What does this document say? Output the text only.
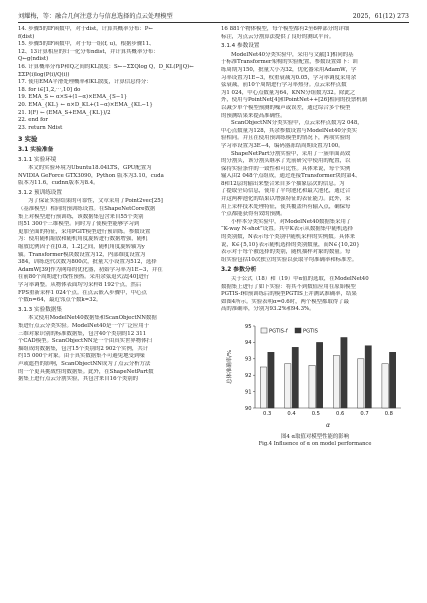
刘耀梅，等：融合几何注意力与信息选择的点云处理模型	2025，61(12) 273
14. 步骤5的IF函数中，对于dist，计算其概率分布：P←
f(dist)
15. 步骤5的IF函数中，对于每一组(f, u)，根据步骤11、
12、13计算相应的归一化分布ndist，并计算其概率分布：
Q←g(ndist)
16. 计算概率分布P和Q之间的KL散度：S←−ΣΣQlog Q，D_KL(P||Q)←
ΣΣP(i)log(P(i)/Q(i))
17. 使用EMA平滑处理概率和KL散度，计算信息得分：
18. for i∈[1,2,⋯,10] do
19. EMA_S ← α×S+(1−α)×EMA_{S−1}
20. EMA_{KL} ← α×D_KL+(1−α)×EMA_{KL−1}
21. I(F) ← (EMA_S+EMA_{KL})/2
22. end for
23. return Ndist
3 实验
3.1 实验准备
3.1.1 实验环境
本文的实验环境为Ubuntu18.04LTS，GPU配置为
NVIDIA GeForce GTX3090，Python 版本为3.10，cuda
版本为11.6，cudnn版本为8.4。
3.1.2 预训练设置
为了保证实验结果的可靠性，文章采用了Point2vec[25]
（基准模型）相同的预训练设置。在ShapeNetCore数据
集上对模型进行预训练，该数据集包含来自55个类别
的51 300个三维模型。同时为了使模型能够学习到
更加全面的特征，采用PGIT模型进行预训练。参数设置
为：使用随机缩放和随机角度旋转进行数据增强，随机
缩放比例因子在[0.8，1.2]之间，随机角度旋转轴为y
轴。Transformer模块数设置为12，内部维度设置为
384，训练迭代次数为800次，批量大小设置为512，选择
AdamW[39]作为网络的优化器，初始学习率为1E−3，并在
在前80个周期进行线性预热。采用余弦退火法[40]进行
学习率调整。从物体表面均匀采样8 192个点，然后
FPS重新采样1 024个点。在点云嵌入步骤中，中心点
个数n=64，最近邻点个数k=32。
3.1.3 实验数据集
本文使用ModelNet40数据集和ScanObjectNN数据
集进行点云分类实验。ModelNet40是一个广泛应用于
三维对象识别的标准数据集，包含40个类别的12 311
个CAD模型。ScanObjectNN是一个由真实世界物体扫
描组成的数据集，包含15个类别的2 902个实例，共计
约15 000个对象。由于真实数据集不可避免地受到噪
声或遮挡的影响，ScanObjectNN成为了点云分析方法
的一个更具挑战性的数据集。此外，在ShapeNetPart数
据集上进行点云分割实验，其包含来自16个类别的
16 881个物体模型，每个模型都有2至6种部分的详细
标注，为点云分割算法提供了良好的测试平台。
3.1.4 参数设置
ModelNet40分类实验中，采用与文献[1]相同的基
于标准Transformer架构的实验配置，参数设置如下：训
练周期为150，批量大小为32，优化器采用AdamW，学
习率设置为1E−3，权重衰减为0.05，学习率调度采用余
弦衰减，前10个周期进行学习率热身。点云采样点数
为1 024，中心点数量为64，KNN分组数为32。除此之
外，使用与PointNet[4]和PointNet++[26]相同的投票机制
以减少单个模型预测的噪声或误差，通过综合多个模型
的预测结果来提高准确性。
ScanObjectNN分类实验中，点云采样点数为2 048，
中心点数量为128，其余参数设置与ModelNet40分类实
验相同。并且在使用预训练模型的情况下，两项实验的
学习率设置为3E−4，编码器冻结周期设置为100。
ShapeNetPart分割实验中，采用了一簇单面高效
的分割头，该分割头继承了先前研究中使用的配置，以
保持实验条件的一致性和可比性。具体来说，每个实例
输入由2 048个点组成，通过连接Transformer块的第4、
8和12层的输出来整合来自多个抽象层次的信息。为
了提取全局信息，使用了平均池化和最大池化，通过合
并这两种池化的结果以增强特征的表征能力。此外，采
用上采样技术处理特征，使其覆盖所有输入点，确保每
个点都能获得有效的预测。
小样本分类实验中，对ModelNet40数据集采用了
“K-way N-shot”设置。其中K表示从数据集中随机选择
的类别数，N表示每个类别中随机采样的实例数。具体来
说，K∈{5,10}表示随机选择的类别数量，而N∈{10,20}
表示对于每个被选择的类别，随机抽样对象的数量。每
组实验包括10次独立的实验以获取平均准确率和标准差。
3.2 参数分析
关于公式（18）和（19）中α值的选取，在ModelNet40
数据集上进行了如下实验：将其不到数值应用在原始模型
PGTIS-f和预训练后的模型PGTIS上并测试准确率，结果
如图4所示。实验表明α=0.6时，两个模型都取得了最
高的准确率，分别为93.2%和94.3%。
90
91
92
93
94
95
总体准确率/%
0.3	0.4	0.5	0.6	0.7	0.8
α
PGTIS-f	PGTIS
图4 α取值对模型性能的影响
Fig.4 Influence of α on model performance
